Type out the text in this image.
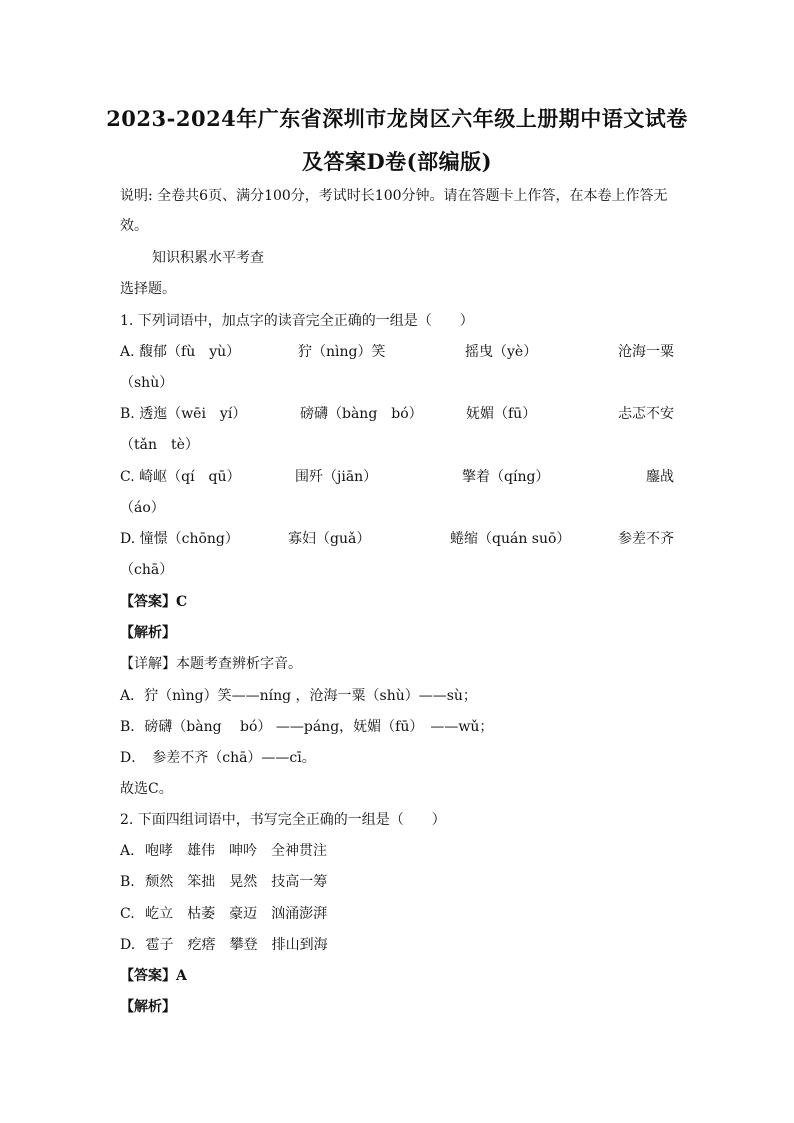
2023-2024年广东省深圳市龙岗区六年级上册期中语文试卷
及答案D卷(部编版)
说明: 全卷共6页、满分100分，考试时长100分钟。请在答题卡上作答，在本卷上作答无
效。
知识积累水平考查
选择题。
1. 下列词语中，加点字的读音完全正确的一组是（　　）
A. 馥郁（fù　yù）	狞（nìng）笑	摇曳（yè）	沧海一粟
（shù）
B. 透迤（wēi　yí）	磅礴（bàng　bó）	妩媚（fū）	忐忑不安
（tǎn　tè）
C. 崎岖（qí　qū）	围歼（jiān）	擎着（qíng）	鏖战
（áo）
D. 憧憬（chōng）	寡妇（guǎ）	蜷缩（quán suō）	参差不齐
（chā）
【答案】C
【解析】
【详解】本题考查辨析字音。
A．狞（nìng）笑——níng ，沧海一粟（shù）——sù；
B．磅礴（bàng　 bó） ——páng，妩媚（fū）　——wǔ；
D．　参差不齐（chā）——cī。
故选C。
2. 下面四组词语中，书写完全正确的一组是（　　）
A. 咆哮　雄伟　呻吟　全神贯注
B. 颓然　笨拙　晃然　技高一筹
C. 屹立　枯萎　豪迈　汹涌澎湃
D. 雹子　疙瘩　攀登　排山到海
【答案】A
【解析】
